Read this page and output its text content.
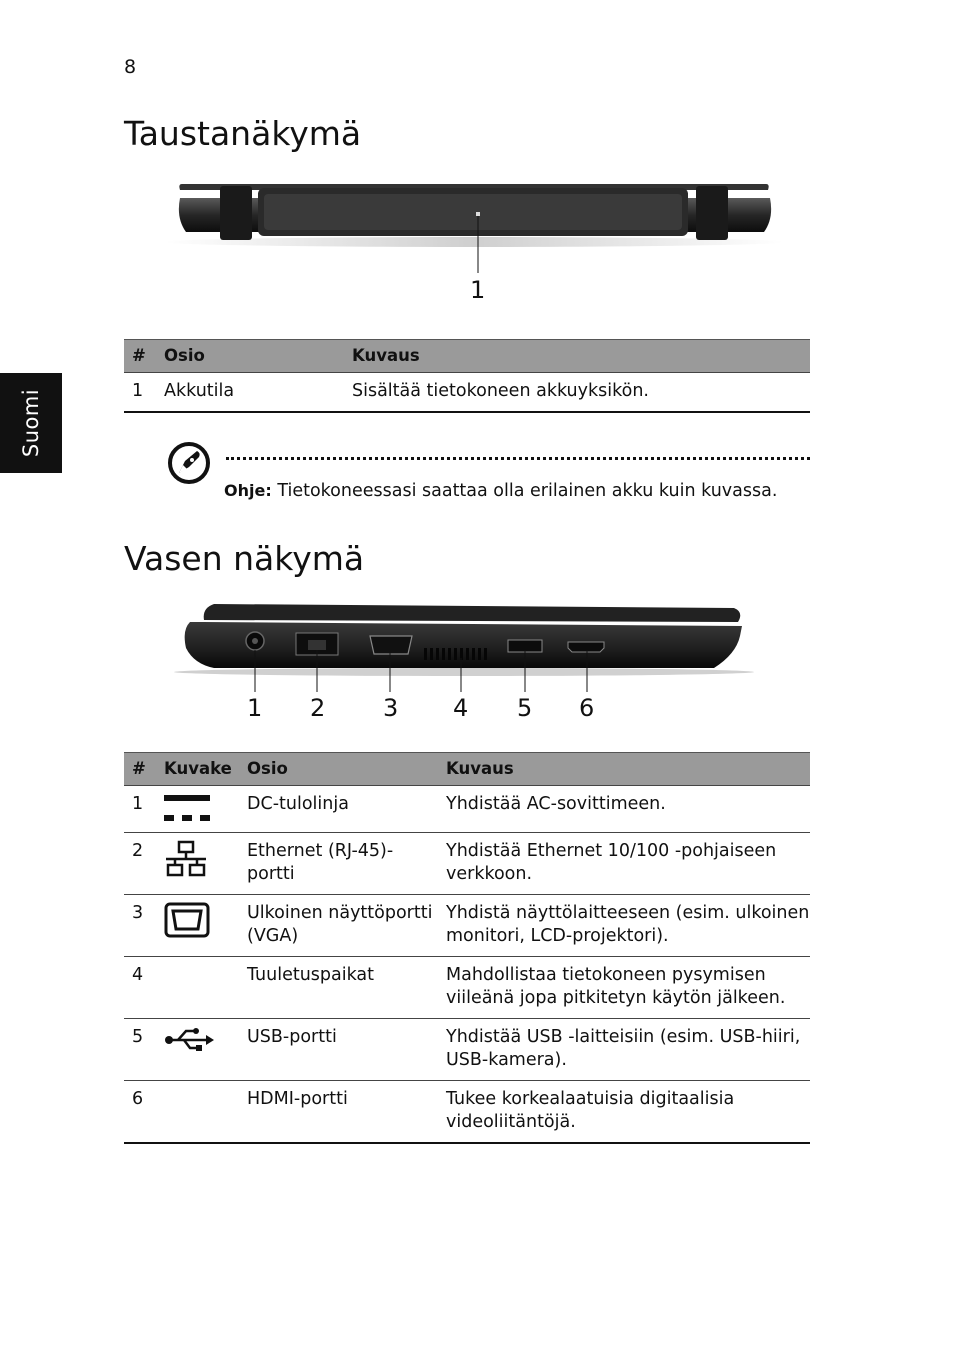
8
Suomi
Taustanäkymä
1
#	Osio	Kuvaus
1	Akkutila	Sisältää tietokoneen akkuyksikön.
Ohje: Tietokoneessasi saattaa olla erilainen akku kuin kuvassa.
Vasen näkymä
1 2 3 4 5 6
#	Kuvake	Osio	Kuvaus
1		DC-tulolinja	Yhdistää AC-sovittimeen.
2		Ethernet (RJ-45)-portti	Yhdistää Ethernet 10/100 -pohjaiseen verkkoon.
3		Ulkoinen näyttöportti (VGA)	Yhdistä näyttölaitteeseen (esim. ulkoinen monitori, LCD-projektori).
4		Tuuletuspaikat	Mahdollistaa tietokoneen pysymisen viileänä jopa pitkitetyn käytön jälkeen.
5		USB-portti	Yhdistää USB -laitteisiin (esim. USB-hiiri, USB-kamera).
6		HDMI-portti	Tukee korkealaatuisia digitaalisia videoliitäntöjä.
